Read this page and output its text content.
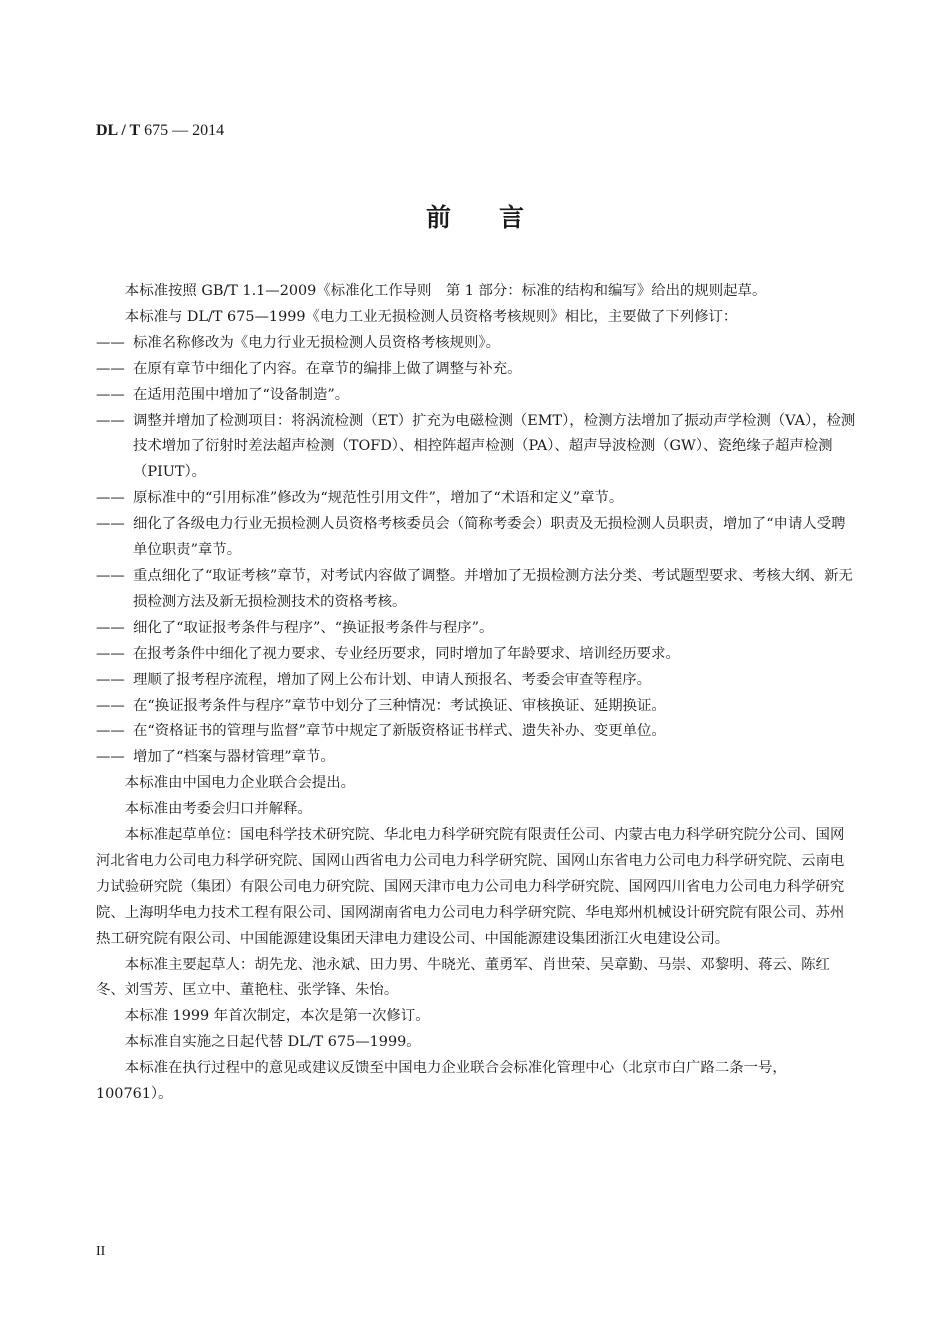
DL / T 675 — 2014
前言
本标准按照 GB/T 1.1—2009《标准化工作导则　第 1 部分：标准的结构和编写》给出的规则起草。
本标准与 DL/T 675—1999《电力工业无损检测人员资格考核规则》相比，主要做了下列修订：
—— 标准名称修改为《电力行业无损检测人员资格考核规则》。
—— 在原有章节中细化了内容。在章节的编排上做了调整与补充。
—— 在适用范围中增加了“设备制造”。
—— 调整并增加了检测项目：将涡流检测（ET）扩充为电磁检测（EMT），检测方法增加了振动声学检测（VA），检测技术增加了衍射时差法超声检测（TOFD）、相控阵超声检测（PA）、超声导波检测（GW）、瓷绝缘子超声检测（PIUT）。
—— 原标准中的“引用标准”修改为“规范性引用文件”，增加了“术语和定义”章节。
—— 细化了各级电力行业无损检测人员资格考核委员会（简称考委会）职责及无损检测人员职责，增加了“申请人受聘单位职责”章节。
—— 重点细化了“取证考核”章节，对考试内容做了调整。并增加了无损检测方法分类、考试题型要求、考核大纲、新无损检测方法及新无损检测技术的资格考核。
—— 细化了“取证报考条件与程序”、“换证报考条件与程序”。
—— 在报考条件中细化了视力要求、专业经历要求，同时增加了年龄要求、培训经历要求。
—— 理顺了报考程序流程，增加了网上公布计划、申请人预报名、考委会审查等程序。
—— 在“换证报考条件与程序”章节中划分了三种情况：考试换证、审核换证、延期换证。
—— 在“资格证书的管理与监督”章节中规定了新版资格证书样式、遗失补办、变更单位。
—— 增加了“档案与器材管理”章节。
本标准由中国电力企业联合会提出。
本标准由考委会归口并解释。
本标准起草单位：国电科学技术研究院、华北电力科学研究院有限责任公司、内蒙古电力科学研究院分公司、国网河北省电力公司电力科学研究院、国网山西省电力公司电力科学研究院、国网山东省电力公司电力科学研究院、云南电力试验研究院（集团）有限公司电力研究院、国网天津市电力公司电力科学研究院、国网四川省电力公司电力科学研究院、上海明华电力技术工程有限公司、国网湖南省电力公司电力科学研究院、华电郑州机械设计研究院有限公司、苏州热工研究院有限公司、中国能源建设集团天津电力建设公司、中国能源建设集团浙江火电建设公司。
本标准主要起草人：胡先龙、池永斌、田力男、牛晓光、董勇军、肖世荣、吴章勤、马崇、邓黎明、蒋云、陈红冬、刘雪芳、匡立中、董艳柱、张学锋、朱怡。
本标准 1999 年首次制定，本次是第一次修订。
本标准自实施之日起代替 DL/T 675—1999。
本标准在执行过程中的意见或建议反馈至中国电力企业联合会标准化管理中心（北京市白广路二条一号，100761）。
II
